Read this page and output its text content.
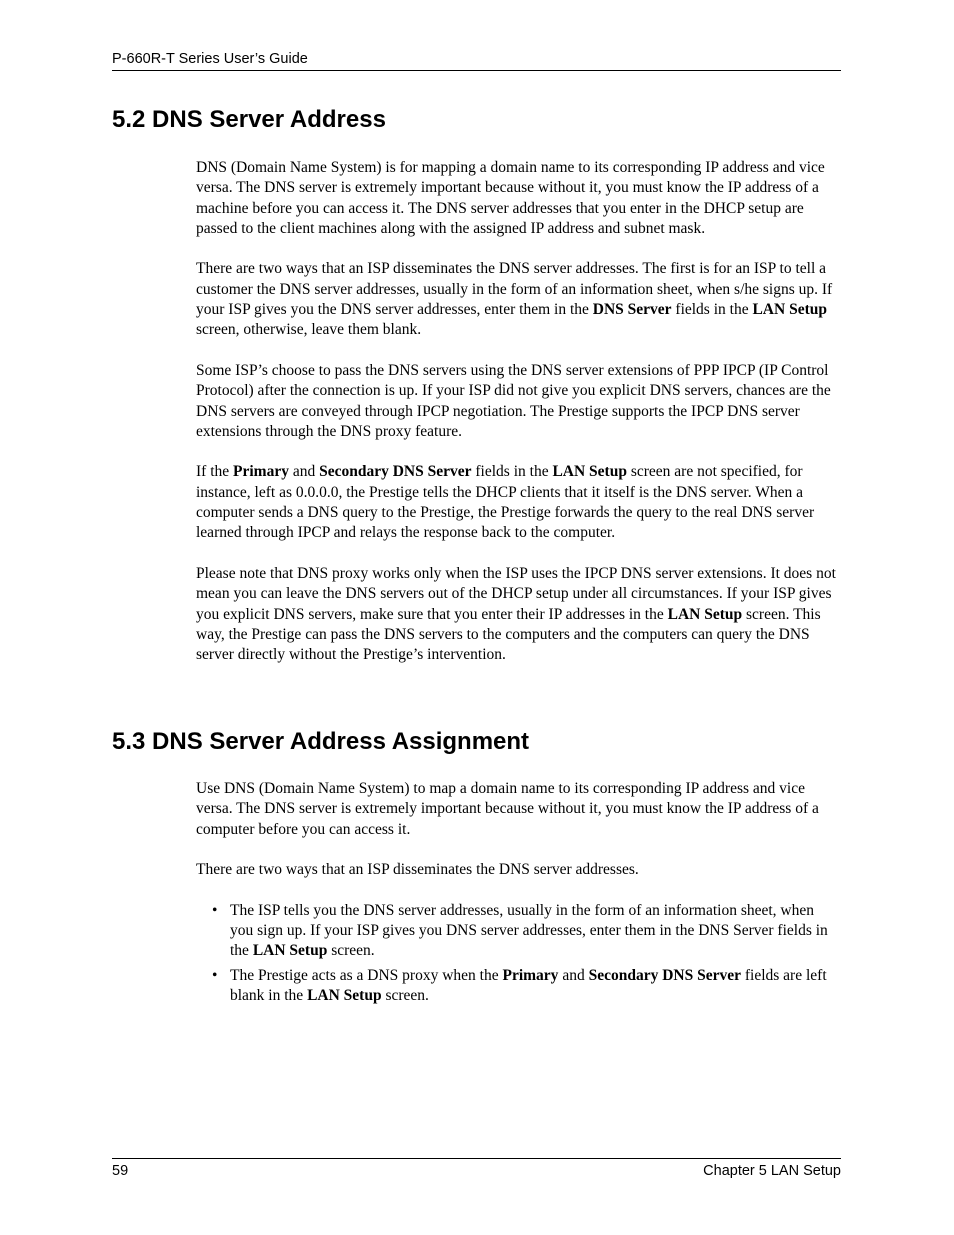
P-660R-T Series User’s Guide
5.2 DNS Server Address

DNS (Domain Name System) is for mapping a domain name to its corresponding IP address and vice versa. The DNS server is extremely important because without it, you must know the IP address of a machine before you can access it. The DNS server addresses that you enter in the DHCP setup are passed to the client machines along with the assigned IP address and subnet mask.

There are two ways that an ISP disseminates the DNS server addresses. The first is for an ISP to tell a customer the DNS server addresses, usually in the form of an information sheet, when s/he signs up. If your ISP gives you the DNS server addresses, enter them in the DNS Server fields in the LAN Setup screen, otherwise, leave them blank.

Some ISP’s choose to pass the DNS servers using the DNS server extensions of PPP IPCP (IP Control Protocol) after the connection is up. If your ISP did not give you explicit DNS servers, chances are the DNS servers are conveyed through IPCP negotiation. The Prestige supports the IPCP DNS server extensions through the DNS proxy feature.

If the Primary and Secondary DNS Server fields in the LAN Setup screen are not specified, for instance, left as 0.0.0.0, the Prestige tells the DHCP clients that it itself is the DNS server. When a computer sends a DNS query to the Prestige, the Prestige forwards the query to the real DNS server learned through IPCP and relays the response back to the computer.

Please note that DNS proxy works only when the ISP uses the IPCP DNS server extensions. It does not mean you can leave the DNS servers out of the DHCP setup under all circumstances. If your ISP gives you explicit DNS servers, make sure that you enter their IP addresses in the LAN Setup screen. This way, the Prestige can pass the DNS servers to the computers and the computers can query the DNS server directly without the Prestige’s intervention.

5.3 DNS Server Address Assignment

Use DNS (Domain Name System) to map a domain name to its corresponding IP address and vice versa. The DNS server is extremely important because without it, you must know the IP address of a computer before you can access it.

There are two ways that an ISP disseminates the DNS server addresses.

• The ISP tells you the DNS server addresses, usually in the form of an information sheet, when you sign up. If your ISP gives you DNS server addresses, enter them in the DNS Server fields in the LAN Setup screen.
• The Prestige acts as a DNS proxy when the Primary and Secondary DNS Server fields are left blank in the LAN Setup screen.
59	Chapter 5 LAN Setup
